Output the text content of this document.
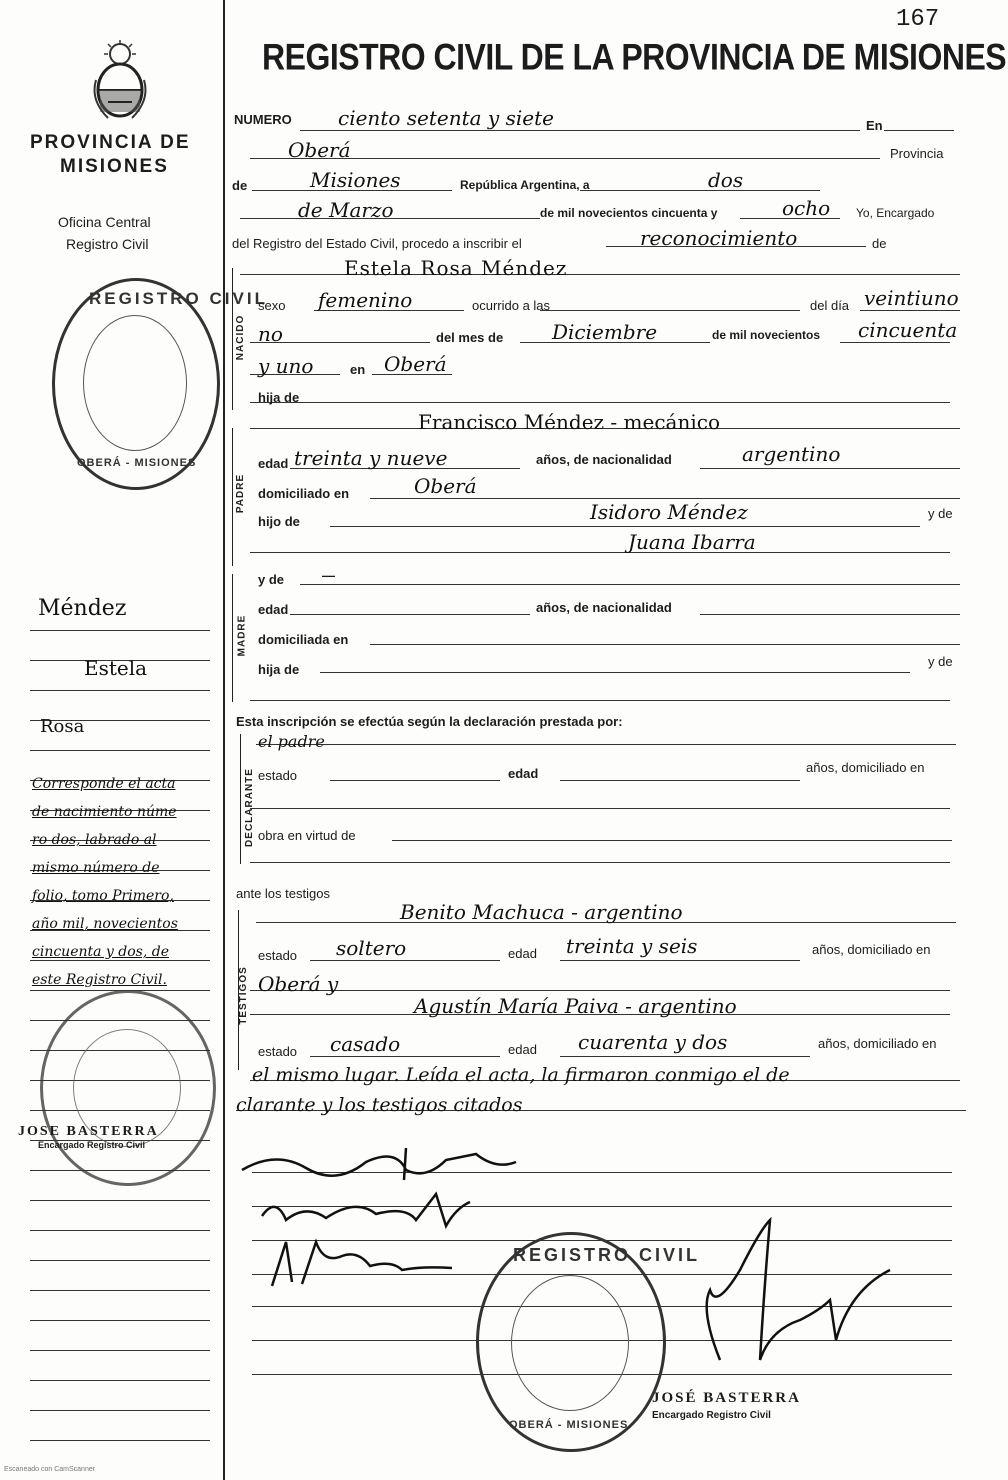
PROVINCIA DE
MISIONES
Oficina Central
Registro Civil
REGISTRO CIVIL
OBERÁ - MISIONES
Méndez
Estela
Rosa
Corresponde el acta
de nacimiento núme
ro dos, labrado al
mismo número de
folio, tomo Primero,
año mil, novecientos
cincuenta y dos, de
este Registro Civil.
JOSE BASTERRA
Encargado Registro Civil
167
REGISTRO CIVIL DE LA PROVINCIA DE MISIONES
NACIDO
PADRE
MADRE
DECLARANTE
TESTIGOS
NUMERO ciento setenta y siete	En
Oberá	Provincia
de	Misiones	República Argentina, a	dos
de Marzo	de mil novecientos cincuenta y	ocho Yo, Encargado
del Registro del Estado Civil, procedo a inscribir el	reconocimiento	de
Estela Rosa Méndez
sexo femenino	ocurrido a las	del día veintiuno
no	del mes de Diciembre	de mil novecientos cincuenta
y uno	en Oberá
hija de
Francisco Méndez - mecánico
edad treinta y nueve	años, de nacionalidad	argentino
domiciliado en	Oberá
hijo de	Isidoro Méndez	y de
Juana Ibarra
y de	—
edad	años, de nacionalidad
domiciliada en
hija de
y de
Esta inscripción se efectúa según la declaración prestada por:
el padre
estado	edad	años, domiciliado en
obra en virtud de
ante los testigos
Benito Machuca - argentino
estado soltero	edad treinta y seis	años, domiciliado en
Oberá y
Agustín María Paiva - argentino
estado casado	edad cuarenta y dos	años, domiciliado en
el mismo lugar. Leída el acta, la firmaron conmigo el de
clarante y los testigos citados
REGISTRO CIVIL
OBERÁ - MISIONES
JOSÉ BASTERRA
Encargado Registro Civil
Escaneado con CamScanner
